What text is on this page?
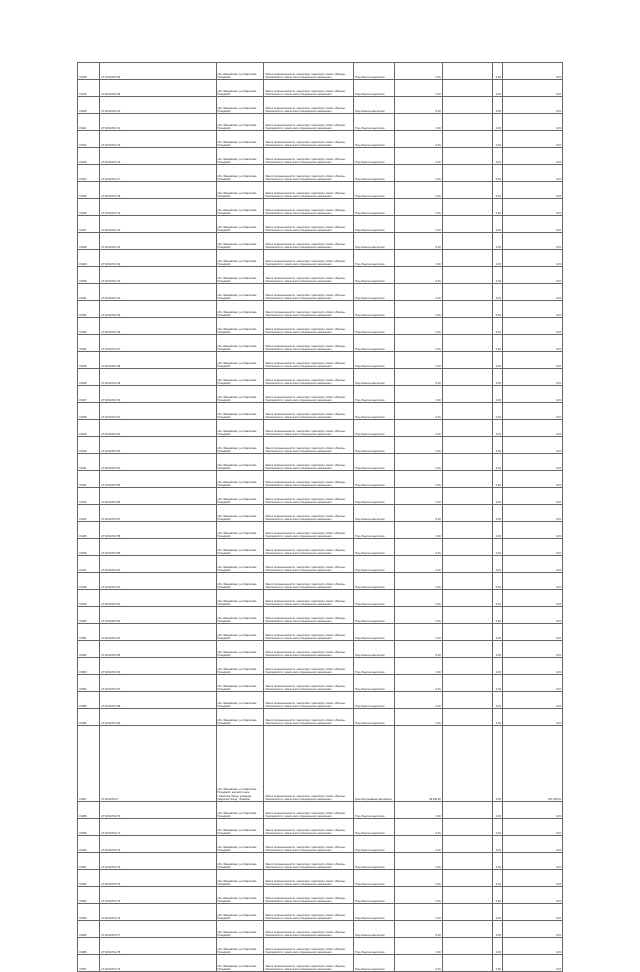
V1018	27:02:0105:2:06	обл. Ивановская, р-н Гаврилово-Посадский	Земли промышленности, энергетики, транспорта, связи, обороны, безопасности и земли иного специального назначения	Под объекты энергетики	0,00		2,00	0,15
V1019	27:02:0105:2:09	обл. Ивановская, р-н Гаврилово-Посадский	Земли промышленности, энергетики, транспорта, связи, обороны, безопасности и земли иного специального назначения	Под объекты энергетики	0,00		0,00	0,15
V1020	27:02:0105:2:10	обл. Ивановская, р-н Гаврилово-Посадский	Земли промышленности, энергетики, транспорта, связи, обороны, безопасности и земли иного специального назначения	Под объекты энергетики	0,00		0,00	0,15
V1021	27:02:0105:2:12	обл. Ивановская, р-н Гаврилово-Посадский	Земли промышленности, энергетики, транспорта, связи, обороны, безопасности и земли иного специального назначения	Под объекты энергетики	0,00		0,00	0,15
V1022	27:02:0105:2:14	обл. Ивановская, р-н Гаврилово-Посадский	Земли промышленности, энергетики, транспорта, связи, обороны, безопасности и земли иного специального назначения	Под объекты энергетики	0,00		0,00	0,15
V1023	27:02:0105:2:16	обл. Ивановская, р-н Гаврилово-Посадский	Земли промышленности, энергетики, транспорта, связи, обороны, безопасности и земли иного специального назначения	Под объекты энергетики	0,00		0,00	0,15
V1024	27:02:0105:2:17	обл. Ивановская, р-н Гаврилово-Посадский	Земли промышленности, энергетики, транспорта, связи, обороны, безопасности и земли иного специального назначения	Под объекты энергетики	0,00		0,00	0,15
V1025	27:02:0105:2:18	обл. Ивановская, р-н Гаврилово-Посадский	Земли промышленности, энергетики, транспорта, связи, обороны, безопасности и земли иного специального назначения	Под объекты энергетики	0,00		0,00	0,15
V1026	27:02:0105:2:19	обл. Ивановская, р-н Гаврилово-Посадский	Земли промышленности, энергетики, транспорта, связи, обороны, безопасности и земли иного специального назначения	Под объекты энергетики	0,00		0,00	0,15
V1027	27:02:0105:2:40	обл. Ивановская, р-н Гаврилово-Посадский	Земли промышленности, энергетики, транспорта, связи, обороны, безопасности и земли иного специального назначения	Под объекты энергетики	0,00		0,00	0,15
V1028	27:02:0105:2:41	обл. Ивановская, р-н Гаврилово-Посадский	Земли промышленности, энергетики, транспорта, связи, обороны, безопасности и земли иного специального назначения	Под объекты энергетики	0,00		2,00	0,15
V1029	27:02:0105:2:42	обл. Ивановская, р-н Гаврилово-Посадский	Земли промышленности, энергетики, транспорта, связи, обороны, безопасности и земли иного специального назначения	Под объекты энергетики	0,00		2,00	0,15
V1030	27:02:0105:2:43	обл. Ивановская, р-н Гаврилово-Посадский	Земли промышленности, энергетики, транспорта, связи, обороны, безопасности и земли иного специального назначения	Под объекты энергетики	0,00		2,00	0,15
V1031	27:02:0105:2:44	обл. Ивановская, р-н Гаврилово-Посадский	Земли промышленности, энергетики, транспорта, связи, обороны, безопасности и земли иного специального назначения	Под объекты энергетики	0,00		2,00	0,15
V1032	27:02:0105:2:45	обл. Ивановская, р-н Гаврилово-Посадский	Земли промышленности, энергетики, транспорта, связи, обороны, безопасности и земли иного специального назначения	Под объекты энергетики	0,00		0,00	0,15
V1033	27:02:0105:2:46	обл. Ивановская, р-н Гаврилово-Посадский	Земли промышленности, энергетики, транспорта, связи, обороны, безопасности и земли иного специального назначения	Под объекты энергетики	0,00		0,00	0,15
V1034	27:02:0105:2:47	обл. Ивановская, р-н Гаврилово-Посадский	Земли промышленности, энергетики, транспорта, связи, обороны, безопасности и земли иного специального назначения	Под объекты энергетики	0,00		0,00	0,15
V1035	27:02:0105:2:48	обл. Ивановская, р-н Гаврилово-Посадский	Земли промышленности, энергетики, транспорта, связи, обороны, безопасности и земли иного специального назначения	Под объекты энергетики	0,00		0,00	0,15
V1036	27:02:0105:2:49	обл. Ивановская, р-н Гаврилово-Посадский	Земли промышленности, энергетики, транспорта, связи, обороны, безопасности и земли иного специального назначения	Под объекты энергетики	0,00		0,00	0,15
V1037	27:02:0105:2:50	обл. Ивановская, р-н Гаврилово-Посадский	Земли промышленности, энергетики, транспорта, связи, обороны, безопасности и земли иного специального назначения	Под объекты энергетики	0,00		0,00	0,15
V1038	27:02:0105:2:51	обл. Ивановская, р-н Гаврилово-Посадский	Земли промышленности, энергетики, транспорта, связи, обороны, безопасности и земли иного специального назначения	Под объекты энергетики	0,00		0,00	0,15
V1039	27:02:0105:2:52	обл. Ивановская, р-н Гаврилово-Посадский	Земли промышленности, энергетики, транспорта, связи, обороны, безопасности и земли иного специального назначения	Под объекты энергетики	0,00		2,00	0,15
V1040	27:02:0105:2:53	обл. Ивановская, р-н Гаврилово-Посадский	Земли промышленности, энергетики, транспорта, связи, обороны, безопасности и земли иного специального назначения	Под объекты энергетики	0,00		2,00	0,15
V1041	27:02:0105:2:54	обл. Ивановская, р-н Гаврилово-Посадский	Земли промышленности, энергетики, транспорта, связи, обороны, безопасности и земли иного специального назначения	Под объекты энергетики	0,00		2,00	0,15
V1042	27:02:0105:2:55	обл. Ивановская, р-н Гаврилово-Посадский	Земли промышленности, энергетики, транспорта, связи, обороны, безопасности и земли иного специального назначения	Под объекты энергетики	0,00		0,00	0,15
V1043	27:02:0105:2:56	обл. Ивановская, р-н Гаврилово-Посадский	Земли промышленности, энергетики, транспорта, связи, обороны, безопасности и земли иного специального назначения	Под объекты энергетики	0,00		0,00	0,15
V1044	27:02:0105:2:57	обл. Ивановская, р-н Гаврилово-Посадский	Земли промышленности, энергетики, транспорта, связи, обороны, безопасности и земли иного специального назначения	Под объекты энергетики	0,00		0,00	0,15
V1045	27:02:0105:2:58	обл. Ивановская, р-н Гаврилово-Посадский	Земли промышленности, энергетики, транспорта, связи, обороны, безопасности и земли иного специального назначения	Под объекты энергетики	0,00		0,00	0,15
V1046	27:02:0105:2:59	обл. Ивановская, р-н Гаврилово-Посадский	Земли промышленности, энергетики, транспорта, связи, обороны, безопасности и земли иного специального назначения	Под объекты энергетики	0,00		0,00	0,15
V1047	27:02:0105:2:60	обл. Ивановская, р-н Гаврилово-Посадский	Земли промышленности, энергетики, транспорта, связи, обороны, безопасности и земли иного специального назначения	Под объекты энергетики	0,00		0,00	0,15
V1048	27:02:0105:2:61	обл. Ивановская, р-н Гаврилово-Посадский	Земли промышленности, энергетики, транспорта, связи, обороны, безопасности и земли иного специального назначения	Под объекты энергетики	0,00		0,00	0,15
V1049	27:02:0105:2:62	обл. Ивановская, р-н Гаврилово-Посадский	Земли промышленности, энергетики, транспорта, связи, обороны, безопасности и земли иного специального назначения	Под объекты энергетики	0,00		0,00	0,15
V1050	27:02:0105:2:63	обл. Ивановская, р-н Гаврилово-Посадский	Земли промышленности, энергетики, транспорта, связи, обороны, безопасности и земли иного специального назначения	Под объекты энергетики	0,00		0,00	0,15
V1051	27:02:0105:2:64	обл. Ивановская, р-н Гаврилово-Посадский	Земли промышленности, энергетики, транспорта, связи, обороны, безопасности и земли иного специального назначения	Под объекты энергетики	0,00		2,00	0,15
V1052	27:02:0105:2:65	обл. Ивановская, р-н Гаврилово-Посадский	Земли промышленности, энергетики, транспорта, связи, обороны, безопасности и земли иного специального назначения	Под объекты энергетики	0,00		2,00	0,15
V1053	27:02:0105:2:66	обл. Ивановская, р-н Гаврилово-Посадский	Земли промышленности, энергетики, транспорта, связи, обороны, безопасности и земли иного специального назначения	Под объекты энергетики	0,00		2,00	0,15
V1054	27:02:0105:2:67	обл. Ивановская, р-н Гаврилово-Посадский	Земли промышленности, энергетики, транспорта, связи, обороны, безопасности и земли иного специального назначения	Под объекты энергетики	0,00		2,00	0,15
V1055	27:02:0105:2:68	обл. Ивановская, р-н Гаврилово-Посадский	Земли промышленности, энергетики, транспорта, связи, обороны, безопасности и земли иного специального назначения	Под объекты энергетики	0,00		2,00	0,15
V1056	27:02:0105:2:69	обл. Ивановская, р-н Гаврилово-Посадский	Земли промышленности, энергетики, транспорта, связи, обороны, безопасности и земли иного специального назначения	Под объекты энергетики	0,00		2,00	0,15
V1057	27:02:0105:2:7	обл. Ивановская, р-н Гаврилово-Посадский, юго-восточнее г.Гаврилов Посад, западнее Гаврилов Посад - Лежнево	Земли промышленности, энергетики, транспорта, связи, обороны, безопасности и земли иного специального назначения	Для обслуживания автодороги	48 300,00		0,00	157 105,01
V1058	27:02:0105:2:70	обл. Ивановская, р-н Гаврилово-Посадский	Земли промышленности, энергетики, транспорта, связи, обороны, безопасности и земли иного специального назначения	Под объекты энергетики	0,00		0,00	0,15
V1059	27:02:0105:2:71	обл. Ивановская, р-н Гаврилово-Посадский	Земли промышленности, энергетики, транспорта, связи, обороны, безопасности и земли иного специального назначения	Под объекты энергетики	0,00		0,00	0,15
V1060	27:02:0105:2:72	обл. Ивановская, р-н Гаврилово-Посадский	Земли промышленности, энергетики, транспорта, связи, обороны, безопасности и земли иного специального назначения	Под объекты энергетики	0,00		2,00	0,15
V1061	27:02:0105:2:73	обл. Ивановская, р-н Гаврилово-Посадский	Земли промышленности, энергетики, транспорта, связи, обороны, безопасности и земли иного специального назначения	Под объекты энергетики	0,00		2,00	0,15
V1062	27:02:0105:2:74	обл. Ивановская, р-н Гаврилово-Посадский	Земли промышленности, энергетики, транспорта, связи, обороны, безопасности и земли иного специального назначения	Под объекты энергетики	0,00		2,00	0,15
V1063	27:02:0105:2:75	обл. Ивановская, р-н Гаврилово-Посадский	Земли промышленности, энергетики, транспорта, связи, обороны, безопасности и земли иного специального назначения	Под объекты энергетики	0,00		0,00	0,15
V1064	27:02:0105:2:76	обл. Ивановская, р-н Гаврилово-Посадский	Земли промышленности, энергетики, транспорта, связи, обороны, безопасности и земли иного специального назначения	Под объекты энергетики	0,00		0,00	0,15
V1065	27:02:0105:2:77	обл. Ивановская, р-н Гаврилово-Посадский	Земли промышленности, энергетики, транспорта, связи, обороны, безопасности и земли иного специального назначения	Под объекты энергетики	0,00		0,00	0,15
V1066	27:02:0105:2:78	обл. Ивановская, р-н Гаврилово-Посадский	Земли промышленности, энергетики, транспорта, связи, обороны, безопасности и земли иного специального назначения	Под объекты энергетики	0,00		0,00	0,15
V1067	27:02:0105:2:79	обл. Ивановская, р-н Гаврилово-Посадский	Земли промышленности, энергетики, транспорта, связи, обороны, безопасности и земли иного специального назначения	Под объекты энергетики	0,00		0,00	0,15
